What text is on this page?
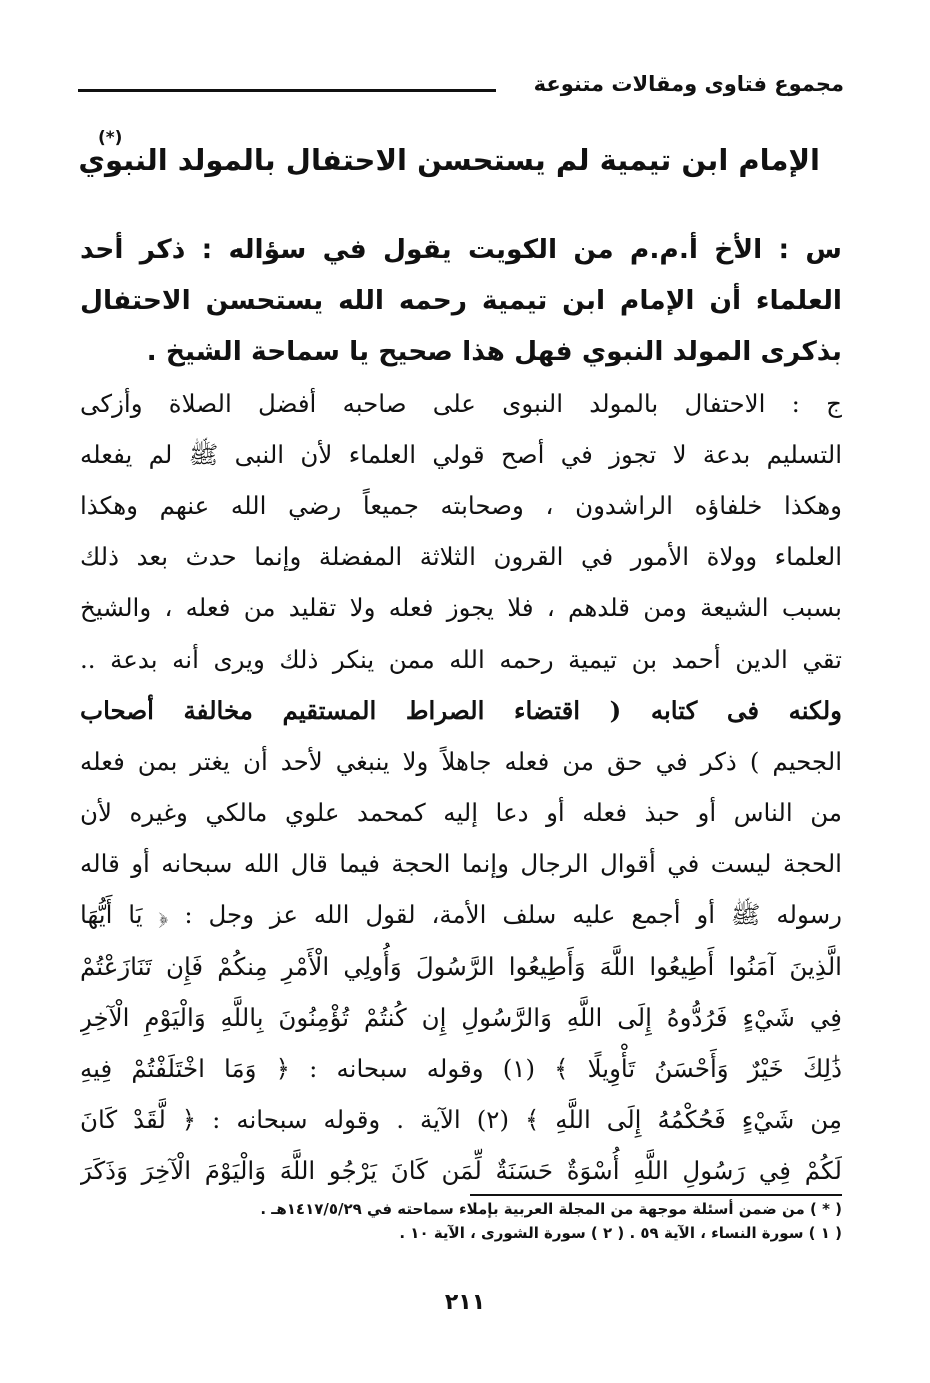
مجموع فتاوى ومقالات متنوعة
(*)
الإمام ابن تيمية لم يستحسن الاحتفال بالمولد النبوي
س : الأخ أ.م.م من الكويت يقول في سؤاله : ذكر أحد
العلماء أن الإمام ابن تيمية رحمه الله يستحسن الاحتفال
بذكرى المولد النبوي فهل هذا صحيح يا سماحة الشيخ .
ج : الاحتفال بالمولد النبوى على صاحبه أفضل الصلاة وأزكى
التسليم بدعة لا تجوز في أصح قولي العلماء لأن النبى ﷺ لم يفعله
وهكذا خلفاؤه الراشدون ، وصحابته جميعاً رضي الله عنهم وهكذا
العلماء وولاة الأمور في القرون الثلاثة المفضلة وإنما حدث بعد ذلك
بسبب الشيعة ومن قلدهم ، فلا يجوز فعله ولا تقليد من فعله ، والشيخ
تقي الدين أحمد بن تيمية رحمه الله ممن ينكر ذلك ويرى أنه بدعة ..
ولكنه فى كتابه ( اقتضاء الصراط المستقيم مخالفة أصحاب
الجحيم ) ذكر في حق من فعله جاهلاً ولا ينبغي لأحد أن يغتر بمن فعله
من الناس أو حبذ فعله أو دعا إليه كمحمد علوي مالكي وغيره لأن
الحجة ليست في أقوال الرجال وإنما الحجة فيما قال الله سبحانه أو قاله
رسوله ﷺ أو أجمع عليه سلف الأمة، لقول الله عز وجل : ﴿ يَا أَيُّهَا
الَّذِينَ آمَنُوا أَطِيعُوا اللَّهَ وَأَطِيعُوا الرَّسُولَ وَأُولِي الْأَمْرِ مِنكُمْ فَإِن تَنَازَعْتُمْ
فِي شَيْءٍ فَرُدُّوهُ إِلَى اللَّهِ وَالرَّسُولِ إِن كُنتُمْ تُؤْمِنُونَ بِاللَّهِ وَالْيَوْمِ الْآخِرِ
ذَٰلِكَ خَيْرٌ وَأَحْسَنُ تَأْوِيلًا ﴾ (١) وقوله سبحانه : ﴿ وَمَا اخْتَلَفْتُمْ فِيهِ
مِن شَيْءٍ فَحُكْمُهُ إِلَى اللَّهِ ﴾ (٢) الآية . وقوله سبحانه : ﴿ لَّقَدْ كَانَ
لَكُمْ فِي رَسُولِ اللَّهِ أُسْوَةٌ حَسَنَةٌ لِّمَن كَانَ يَرْجُو اللَّهَ وَالْيَوْمَ الْآخِرَ وَذَكَرَ
( * ) من ضمن أسئلة موجهة من المجلة العربية بإملاء سماحته في ١٤١٧/٥/٢٩هـ .
( ١ ) سورة النساء ، الآية ٥٩ . ( ٢ ) سورة الشورى ، الآية ١٠ .
٢١١
